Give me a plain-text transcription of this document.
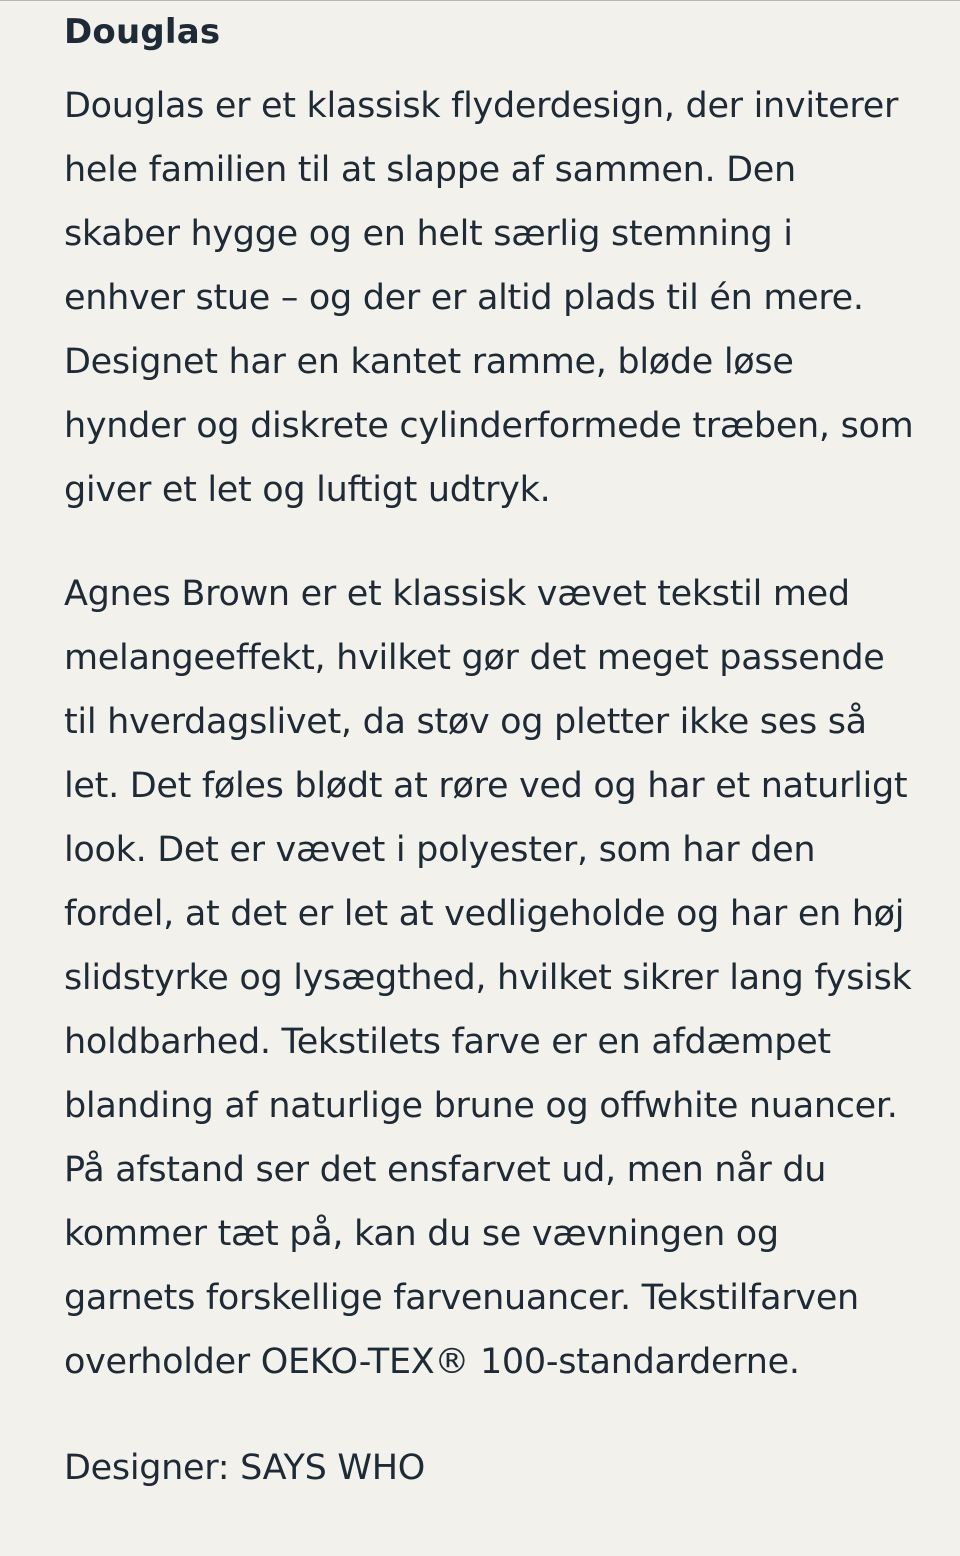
Douglas

Douglas er et klassisk flyderdesign, der inviterer hele familien til at slappe af sammen. Den skaber hygge og en helt særlig stemning i enhver stue – og der er altid plads til én mere. Designet har en kantet ramme, bløde løse hynder og diskrete cylinderformede træben, som giver et let og luftigt udtryk.

Agnes Brown er et klassisk vævet tekstil med melangeeffekt, hvilket gør det meget passende til hverdagslivet, da støv og pletter ikke ses så let. Det føles blødt at røre ved og har et naturligt look. Det er vævet i polyester, som har den fordel, at det er let at vedligeholde og har en høj slidstyrke og lysægthed, hvilket sikrer lang fysisk holdbarhed. Tekstilets farve er en afdæmpet blanding af naturlige brune og offwhite nuancer. På afstand ser det ensfarvet ud, men når du kommer tæt på, kan du se vævningen og garnets forskellige farvenuancer. Tekstilfarven overholder OEKO-TEX® 100-standarderne.

Designer: SAYS WHO
